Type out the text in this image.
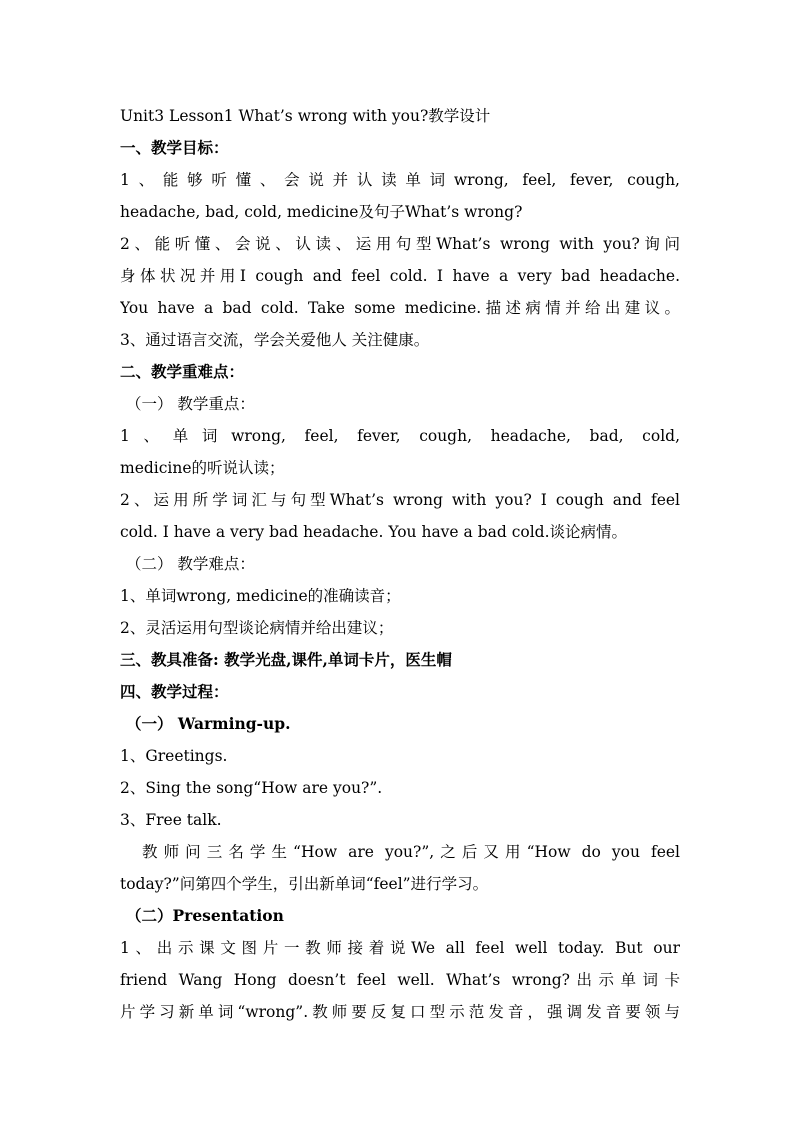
Unit3 Lesson1 What’s wrong with you?教学设计
一、教学目标：
1、能够听懂、会说并认读单词wrong, feel, fever, cough,
headache, bad, cold, medicine及句子What’s wrong?
2、能听懂、会说、认读、运用句型What’s wrong with you?询问
身体状况并用I cough and feel cold. I have a very bad headache.
You have a bad cold. Take some medicine.描述病情并给出建议。
3、通过语言交流，学会关爱他人 关注健康。
二、教学重难点：
（一） 教学重点：
1、单词wrong, feel, fever, cough, headache, bad, cold,
medicine的听说认读；
2、运用所学词汇与句型What’s wrong with you? I cough and feel
cold. I have a very bad headache. You have a bad cold.谈论病情。
（二） 教学难点：
1、单词wrong, medicine的准确读音；
2、灵活运用句型谈论病情并给出建议；
三、教具准备: 教学光盘,课件,单词卡片，医生帽
四、教学过程：
（一） Warming-up.
1、Greetings.
2、Sing the song“How are you?”.
3、Free talk.
教师问三名学生“How are you?”,之后又用“How do you feel
today?”问第四个学生，引出新单词“feel”进行学习。
（二）Presentation
1、出示课文图片一教师接着说We all feel well today. But our
friend Wang Hong doesn’t feel well. What’s wrong?出示单词卡
片学习新单词“wrong”.教师要反复口型示范发音，强调发音要领与
